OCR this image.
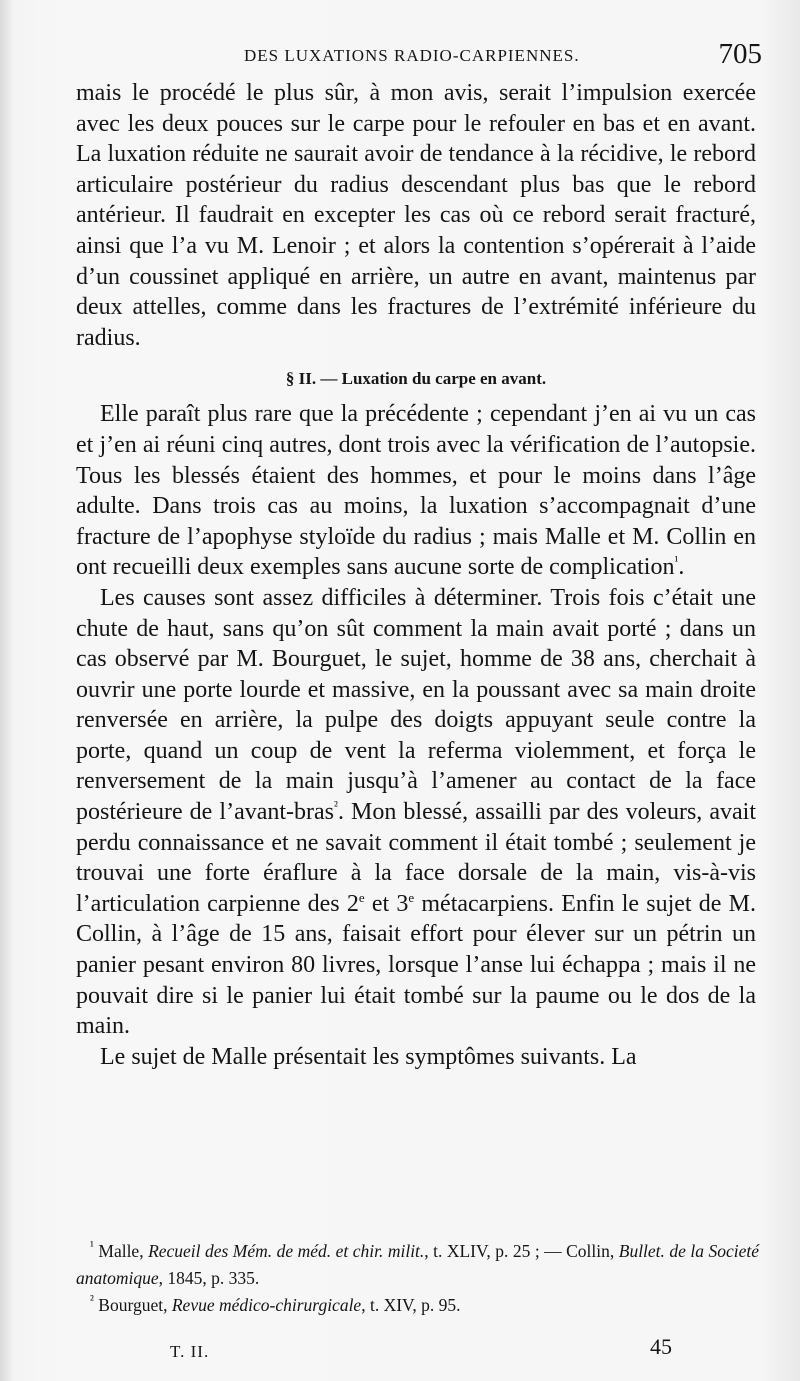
DES LUXATIONS RADIO-CARPIENNES.	705

mais le procédé le plus sûr, à mon avis, serait l’impulsion exercée avec les deux pouces sur le carpe pour le refouler en bas et en avant. La luxation réduite ne saurait avoir de tendance à la récidive, le rebord articulaire postérieur du radius descendant plus bas que le rebord antérieur. Il faudrait en excepter les cas où ce rebord serait fracturé, ainsi que l’a vu M. Lenoir ; et alors la contention s’opérerait à l’aide d’un coussinet appliqué en arrière, un autre en avant, maintenus par deux attelles, comme dans les fractures de l’extrémité inférieure du radius.

§ II. — Luxation du carpe en avant.

Elle paraît plus rare que la précédente ; cependant j’en ai vu un cas et j’en ai réuni cinq autres, dont trois avec la vérification de l’autopsie. Tous les blessés étaient des hommes, et pour le moins dans l’âge adulte. Dans trois cas au moins, la luxation s’accompagnait d’une fracture de l’apophyse styloïde du radius ; mais Malle et M. Collin en ont recueilli deux exemples sans aucune sorte de complication$^{^1}$.

Les causes sont assez difficiles à déterminer. Trois fois c’était une chute de haut, sans qu’on sût comment la main avait porté ; dans un cas observé par M. Bourguet, le sujet, homme de 38 ans, cherchait à ouvrir une porte lourde et massive, en la poussant avec sa main droite renversée en arrière, la pulpe des doigts appuyant seule contre la porte, quand un coup de vent la referma violemment, et força le renversement de la main jusqu’à l’amener au contact de la face postérieure de l’avant-bras$^{^2}$. Mon blessé, assailli par des voleurs, avait perdu connaissance et ne savait comment il était tombé ; seulement je trouvai une forte éraflure à la face dorsale de la main, vis-à-vis l’articulation carpienne des 2e et 3e métacarpiens. Enfin le sujet de M. Collin, à l’âge de 15 ans, faisait effort pour élever sur un pétrin un panier pesant environ 80 livres, lorsque l’anse lui échappa ; mais il ne pouvait dire si le panier lui était tombé sur la paume ou le dos de la main.

Le sujet de Malle présentait les symptômes suivants. La

$^{^1}$ Malle, Recueil des Mém. de méd. et chir. milit., t. XLIV, p. 25 ; — Collin, Bullet. de la Societé anatomique, 1845, p. 335.

$^{^2}$ Bourguet, Revue médico-chirurgicale, t. XIV, p. 95.

T. II.	45
